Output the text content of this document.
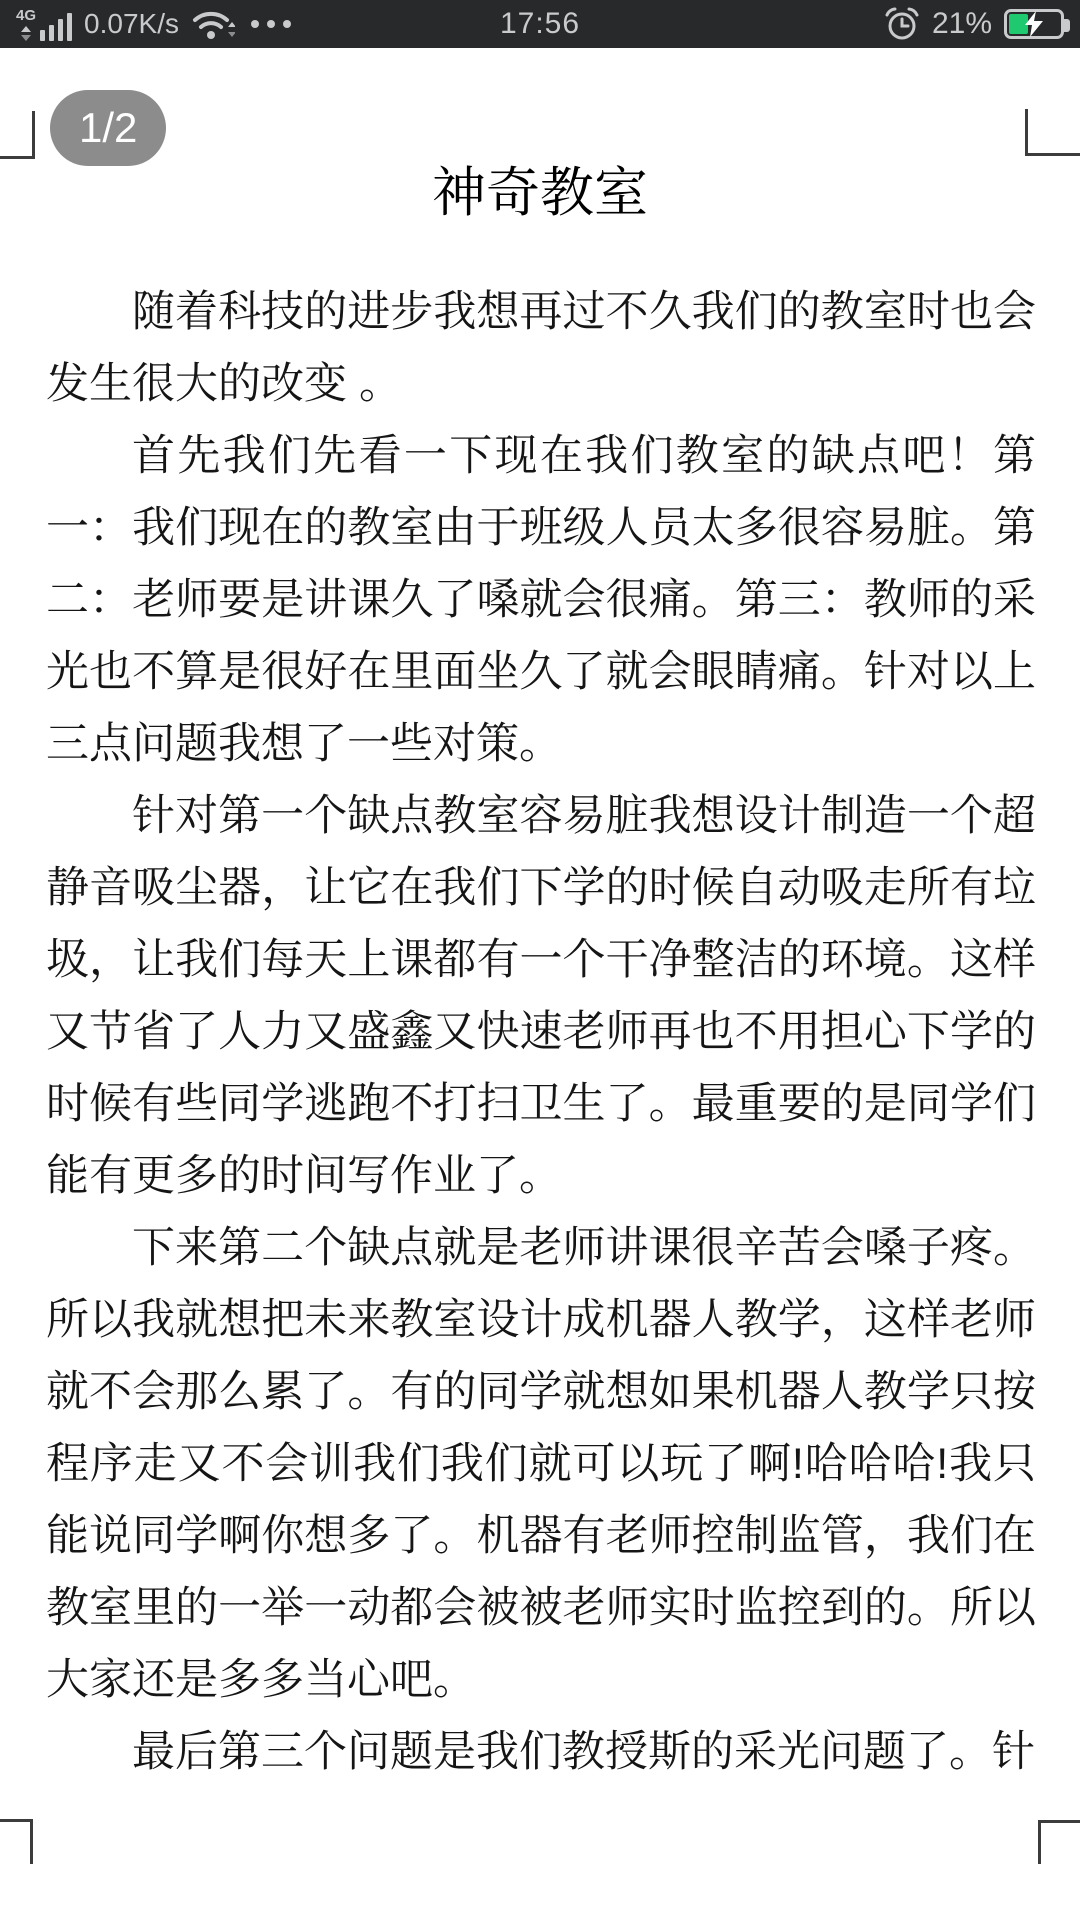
4G 0.07K/s	17:56	21%
1/2
神奇教室

随着科技的进步我想再过不久我们的教室时也会发生很大的改变 。

首先我们先看一下现在我们教室的缺点吧！第一：我们现在的教室由于班级人员太多很容易脏。第二：老师要是讲课久了嗓就会很痛。第三：教师的采光也不算是很好在里面坐久了就会眼睛痛。针对以上三点问题我想了一些对策。

针对第一个缺点教室容易脏我想设计制造一个超静音吸尘器，让它在我们下学的时候自动吸走所有垃圾，让我们每天上课都有一个干净整洁的环境。这样又节省了人力又盛鑫又快速老师再也不用担心下学的时候有些同学逃跑不打扫卫生了。最重要的是同学们能有更多的时间写作业了。

下来第二个缺点就是老师讲课很辛苦会嗓子疼。所以我就想把未来教室设计成机器人教学，这样老师就不会那么累了。有的同学就想如果机器人教学只按程序走又不会训我们我们就可以玩了啊!哈哈哈!我只能说同学啊你想多了。机器有老师控制监管，我们在教室里的一举一动都会被被老师实时监控到的。所以大家还是多多当心吧。

最后第三个问题是我们教授斯的采光问题了。针
